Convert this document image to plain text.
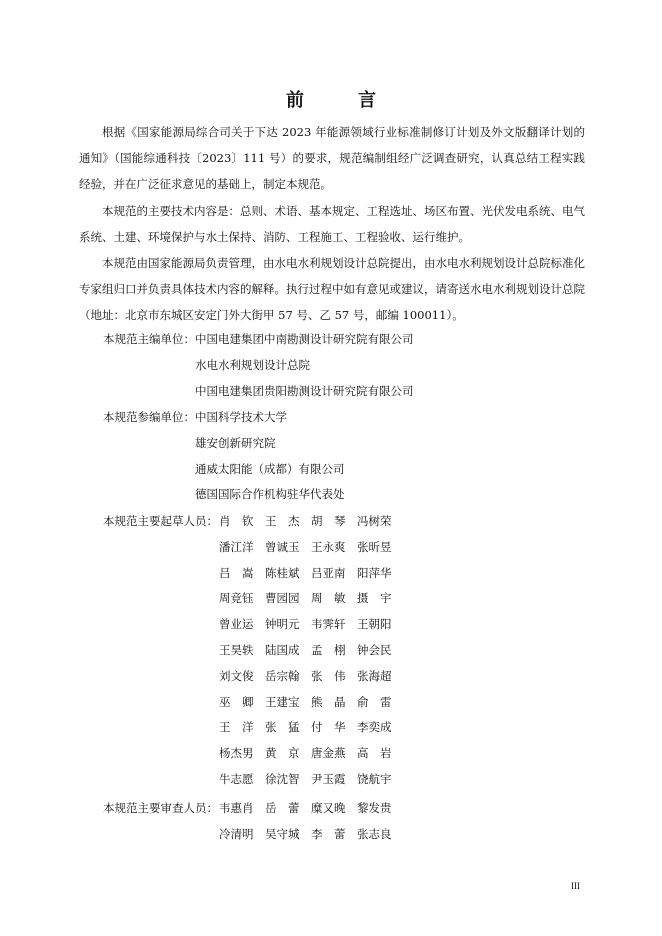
前　言
根据《国家能源局综合司关于下达 2023 年能源领域行业标准制修订计划及外文版翻译计划的通知》（国能综通科技〔2023〕111 号）的要求，规范编制组经广泛调查研究，认真总结工程实践经验，并在广泛征求意见的基础上，制定本规范。
本规范的主要技术内容是：总则、术语、基本规定、工程选址、场区布置、光伏发电系统、电气系统、土建、环境保护与水土保持、消防、工程施工、工程验收、运行维护。
本规范由国家能源局负责管理，由水电水利规划设计总院提出，由水电水利规划设计总院标准化专家组归口并负责具体技术内容的解释。执行过程中如有意见或建议，请寄送水电水利规划设计总院（地址：北京市东城区安定门外大街甲 57 号、乙 57 号，邮编 100011）。
本规范主编单位： 中国电建集团中南勘测设计研究院有限公司
水电水利规划设计总院
中国电建集团贵阳勘测设计研究院有限公司
本规范参编单位： 中国科学技术大学
雄安创新研究院
通威太阳能（成都）有限公司
德国国际合作机构驻华代表处
本规范主要起草人员： 肖　钦 王　杰 胡　琴 冯树荣
潘江洋 曾诚玉 王永爽 张昕昱
吕　嵩 陈桂斌 吕亚南 阳萍华
周竞钰 曹园园 周　敏 摄　宇
曾业运 钟明元 韦霁轩 王朝阳
王昊轶 陆国成 孟　栩 钟会民
刘文俊 岳宗翰 张　伟 张海超
巫　卿 王建宝 熊　晶 俞　雷
王　洋 张　猛 付　华 李奕成
杨杰男 黄　京 唐金燕 高　岩
牛志愿 徐沈智 尹玉霞 饶航宇
本规范主要审查人员： 韦惠肖 岳　蕾 糜又晚 黎发贵
冷清明 吴守城 李　蕾 张志良
III
